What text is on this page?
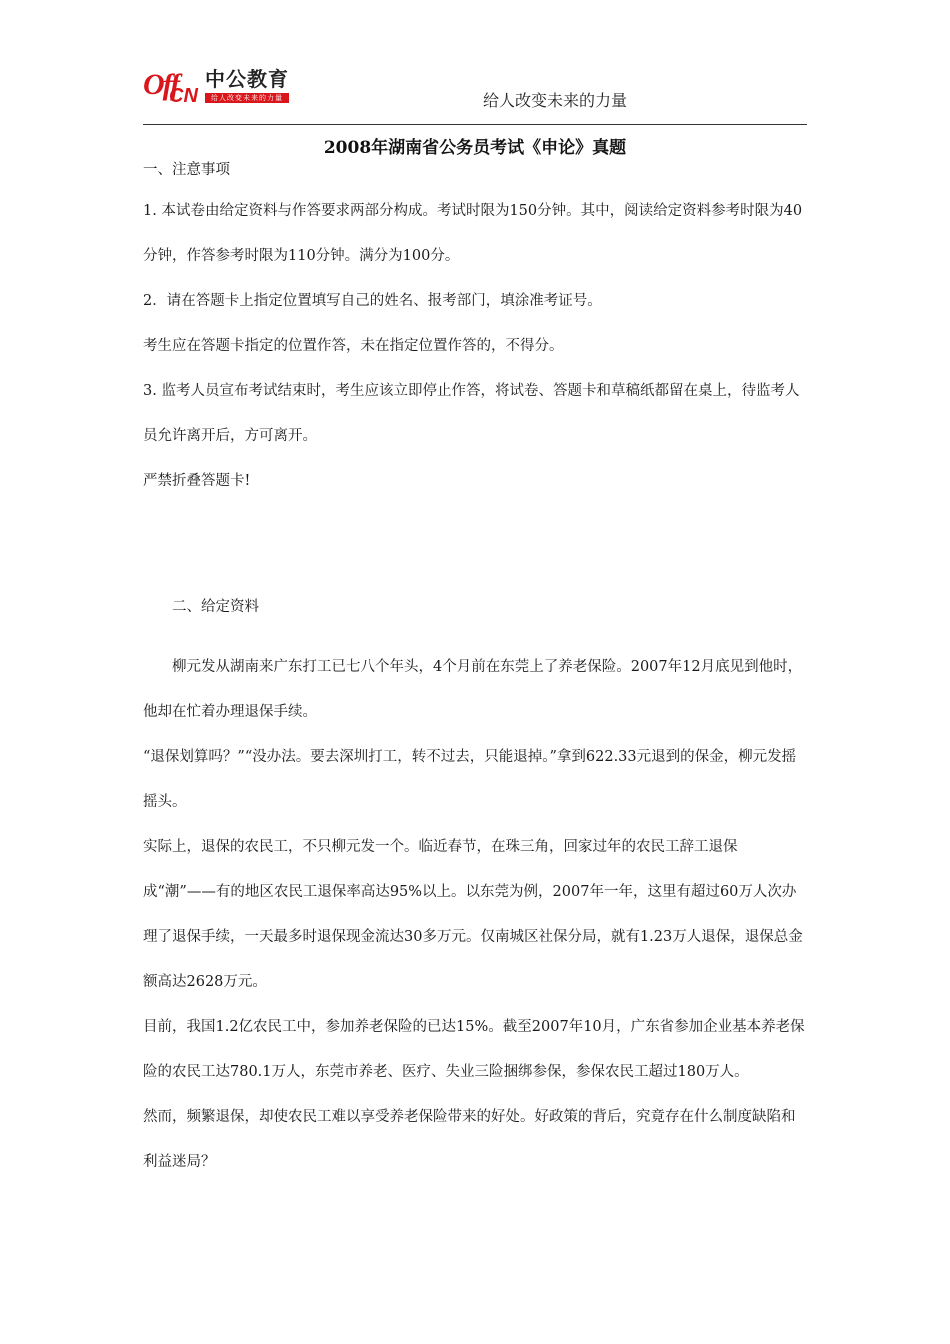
Off
CN
中公教育
给人改变未来的力量	给人改变未来的力量
2008年湖南省公务员考试《申论》真题

一、注意事项

1. 本试卷由给定资料与作答要求两部分构成。考试时限为150分钟。其中，阅读给定资料参考时限为40分钟，作答参考时限为110分钟。满分为100分。

2．请在答题卡上指定位置填写自己的姓名、报考部门，填涂准考证号。

考生应在答题卡指定的位置作答，未在指定位置作答的，不得分。

3. 监考人员宣布考试结束时，考生应该立即停止作答，将试卷、答题卡和草稿纸都留在桌上，待监考人员允许离开后，方可离开。

严禁折叠答题卡!

二、给定资料

柳元发从湖南来广东打工已七八个年头，4个月前在东莞上了养老保险。2007年12月底见到他时，他却在忙着办理退保手续。

“退保划算吗？”“没办法。要去深圳打工，转不过去，只能退掉。”拿到622.33元退到的保金，柳元发摇摇头。

实际上，退保的农民工，不只柳元发一个。临近春节，在珠三角，回家过年的农民工辞工退保成“潮”——有的地区农民工退保率高达95%以上。以东莞为例，2007年一年，这里有超过60万人次办理了退保手续，一天最多时退保现金流达30多万元。仅南城区社保分局，就有1.23万人退保，退保总金额高达2628万元。

目前，我国1.2亿农民工中，参加养老保险的已达15%。截至2007年10月，广东省参加企业基本养老保险的农民工达780.1万人，东莞市养老、医疗、失业三险捆绑参保，参保农民工超过180万人。

然而，频繁退保，却使农民工难以享受养老保险带来的好处。好政策的背后，究竟存在什么制度缺陷和利益迷局？
